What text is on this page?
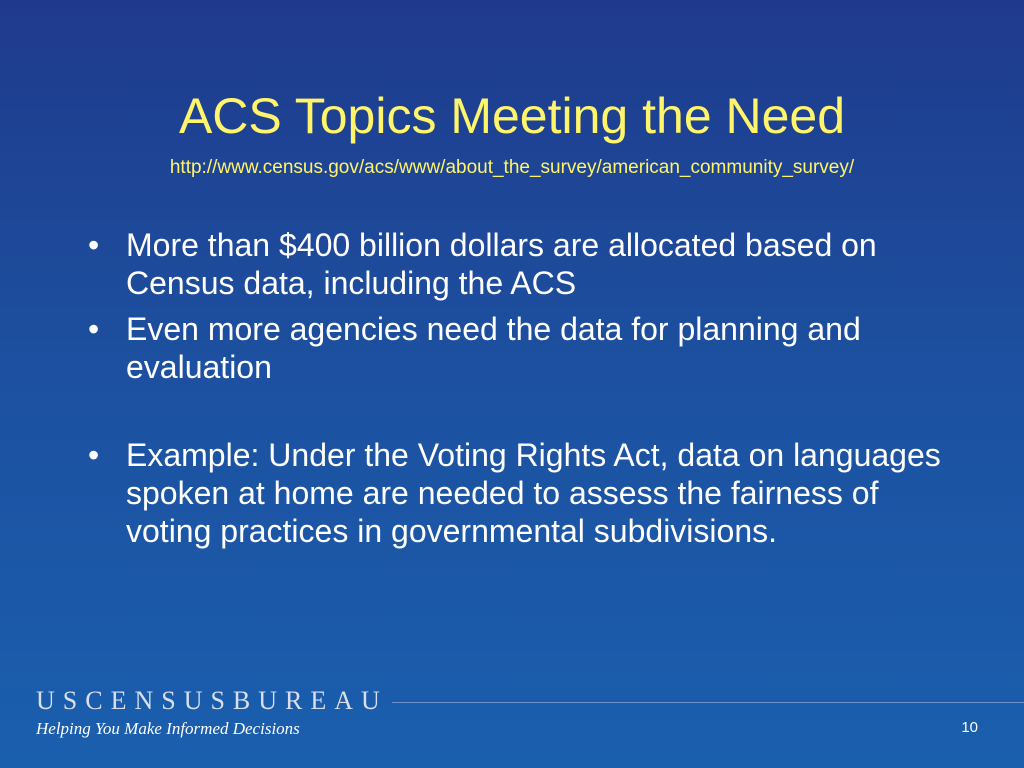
ACS Topics Meeting the Need
http://www.census.gov/acs/www/about_the_survey/american_community_survey/
• More than $400 billion dollars are allocated based on Census data, including the ACS
• Even more agencies need the data for planning and evaluation
• Example: Under the Voting Rights Act, data on languages spoken at home are needed to assess the fairness of voting practices in governmental subdivisions.
USCENSUSBUREAU
Helping You Make Informed Decisions	10
